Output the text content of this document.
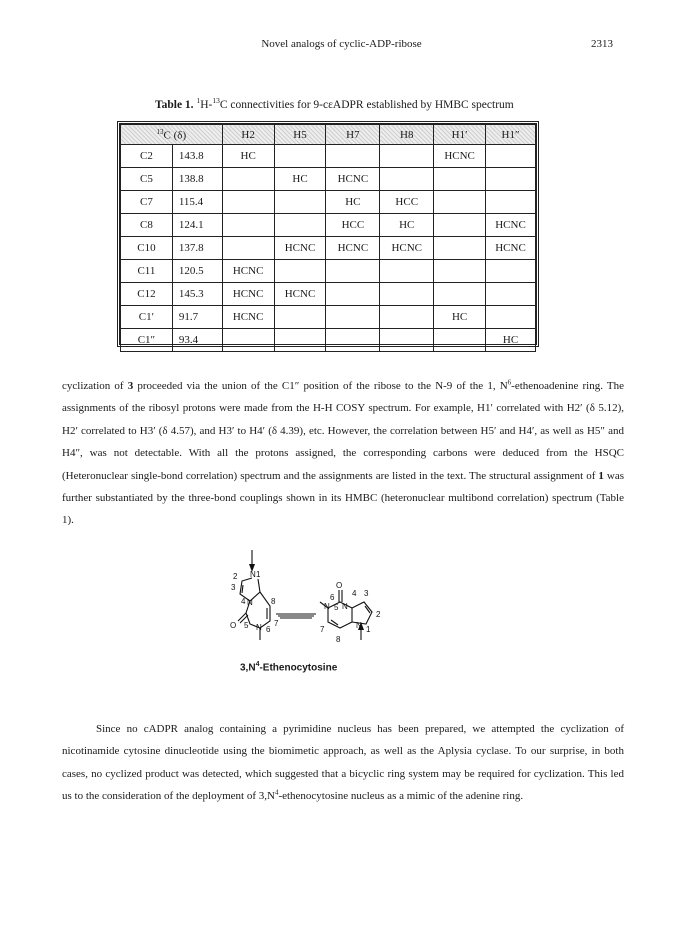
Novel analogs of cyclic-ADP-ribose	2313
Table 1. $^1$H-$^{13}$C connectivities for 9-cεADPR established by HMBC spectrum
$^{13}$C (δ)		H2	H5	H7	H8	H1′	H1″
C2	143.8	HC				HCNC	
C5	138.8		HC	HCNC			
C7	115.4			HC	HCC		
C8	124.1			HCC	HC		HCNC
C10	137.8		HCNC	HCNC	HCNC		HCNC
C11	120.5	HCNC					
C12	145.3	HCNC	HCNC				
C1′	91.7	HCNC				HC	
C1″	93.4						HC

cyclization of 3 proceeded via the union of the C1″ position of the ribose to the N-9 of the 1, $N^6$-ethenoadenine ring. The assignments of the ribosyl protons were made from the H-H COSY spectrum. For example, H1′ correlated with H2′ (δ 5.12), H2′ correlated to H3′ (δ 4.57), and H3′ to H4′ (δ 4.39), etc. However, the correlation between H5′ and H4′, as well as H5″ and H4″, was not detectable. With all the protons assigned, the corresponding carbons were deduced from the HSQC (Heteronuclear single-bond correlation) spectrum and the assignments are listed in the text. The structural assignment of 1 was further substantiated by the three-bond couplings shown in its HMBC (heteronuclear multibond correlation) spectrum (Table 1).

1
N
2
3
4 N 8
O 5 N 6
7
O
6 4 3
5
N N
2
N 1
7
8
$3,N^4$-Ethenocytosine

Since no cADPR analog containing a pyrimidine nucleus has been prepared, we attempted the cyclization of nicotinamide cytosine dinucleotide using the biomimetic approach, as well as the Aplysia cyclase. To our surprise, in both cases, no cyclized product was detected, which suggested that a bicyclic ring system may be required for cyclization. This led us to the consideration of the deployment of $3,N^4$-ethenocytosine nucleus as a mimic of the adenine ring.
